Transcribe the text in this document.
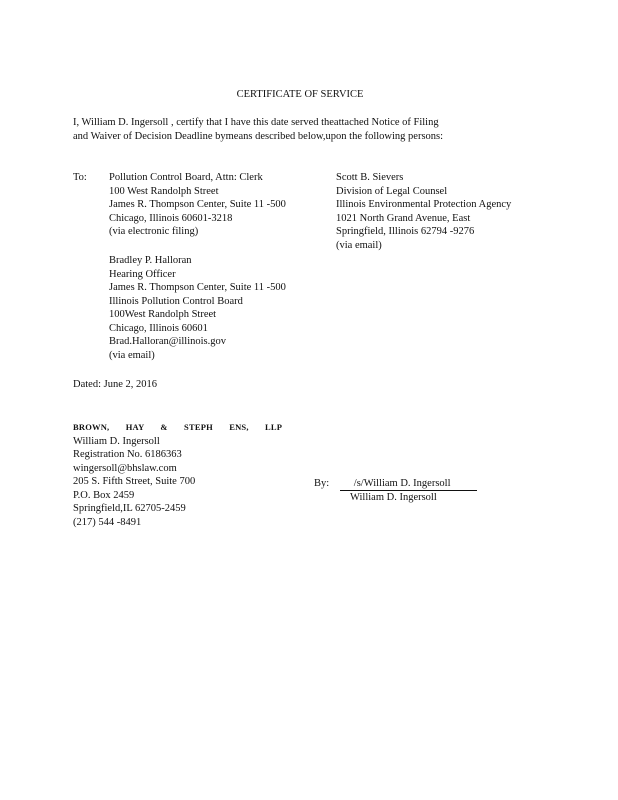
CERTIFICATE OF SERVICE
I, William D. Ingersoll , certify that I have this date served theattached Notice of Filing
and Waiver of Decision Deadline bymeans described below,upon the following persons:
To: Pollution Control Board, Attn: Clerk
100 West Randolph Street
James R. Thompson Center, Suite 11 -500
Chicago, Illinois 60601-3218
(via electronic filing)
Scott B. Sievers
Division of Legal Counsel
Illinois Environmental Protection Agency
1021 North Grand Avenue, East
Springfield, Illinois 62794 -9276
(via email)
Bradley P. Halloran
Hearing Officer
James R. Thompson Center, Suite 11 -500
Illinois Pollution Control Board
100West Randolph Street
Chicago, Illinois 60601
Brad.Halloran@illinois.gov
(via email)
Dated: June 2, 2016
BROWN, HAY & STEPH ENS, LLP
William D. Ingersoll
Registration No. 6186363
wingersoll@bhslaw.com
205 S. Fifth Street, Suite 700
P.O. Box 2459
Springfield,IL 62705-2459
(217) 544 -8491
By: /s/William D. Ingersoll
William D. Ingersoll
